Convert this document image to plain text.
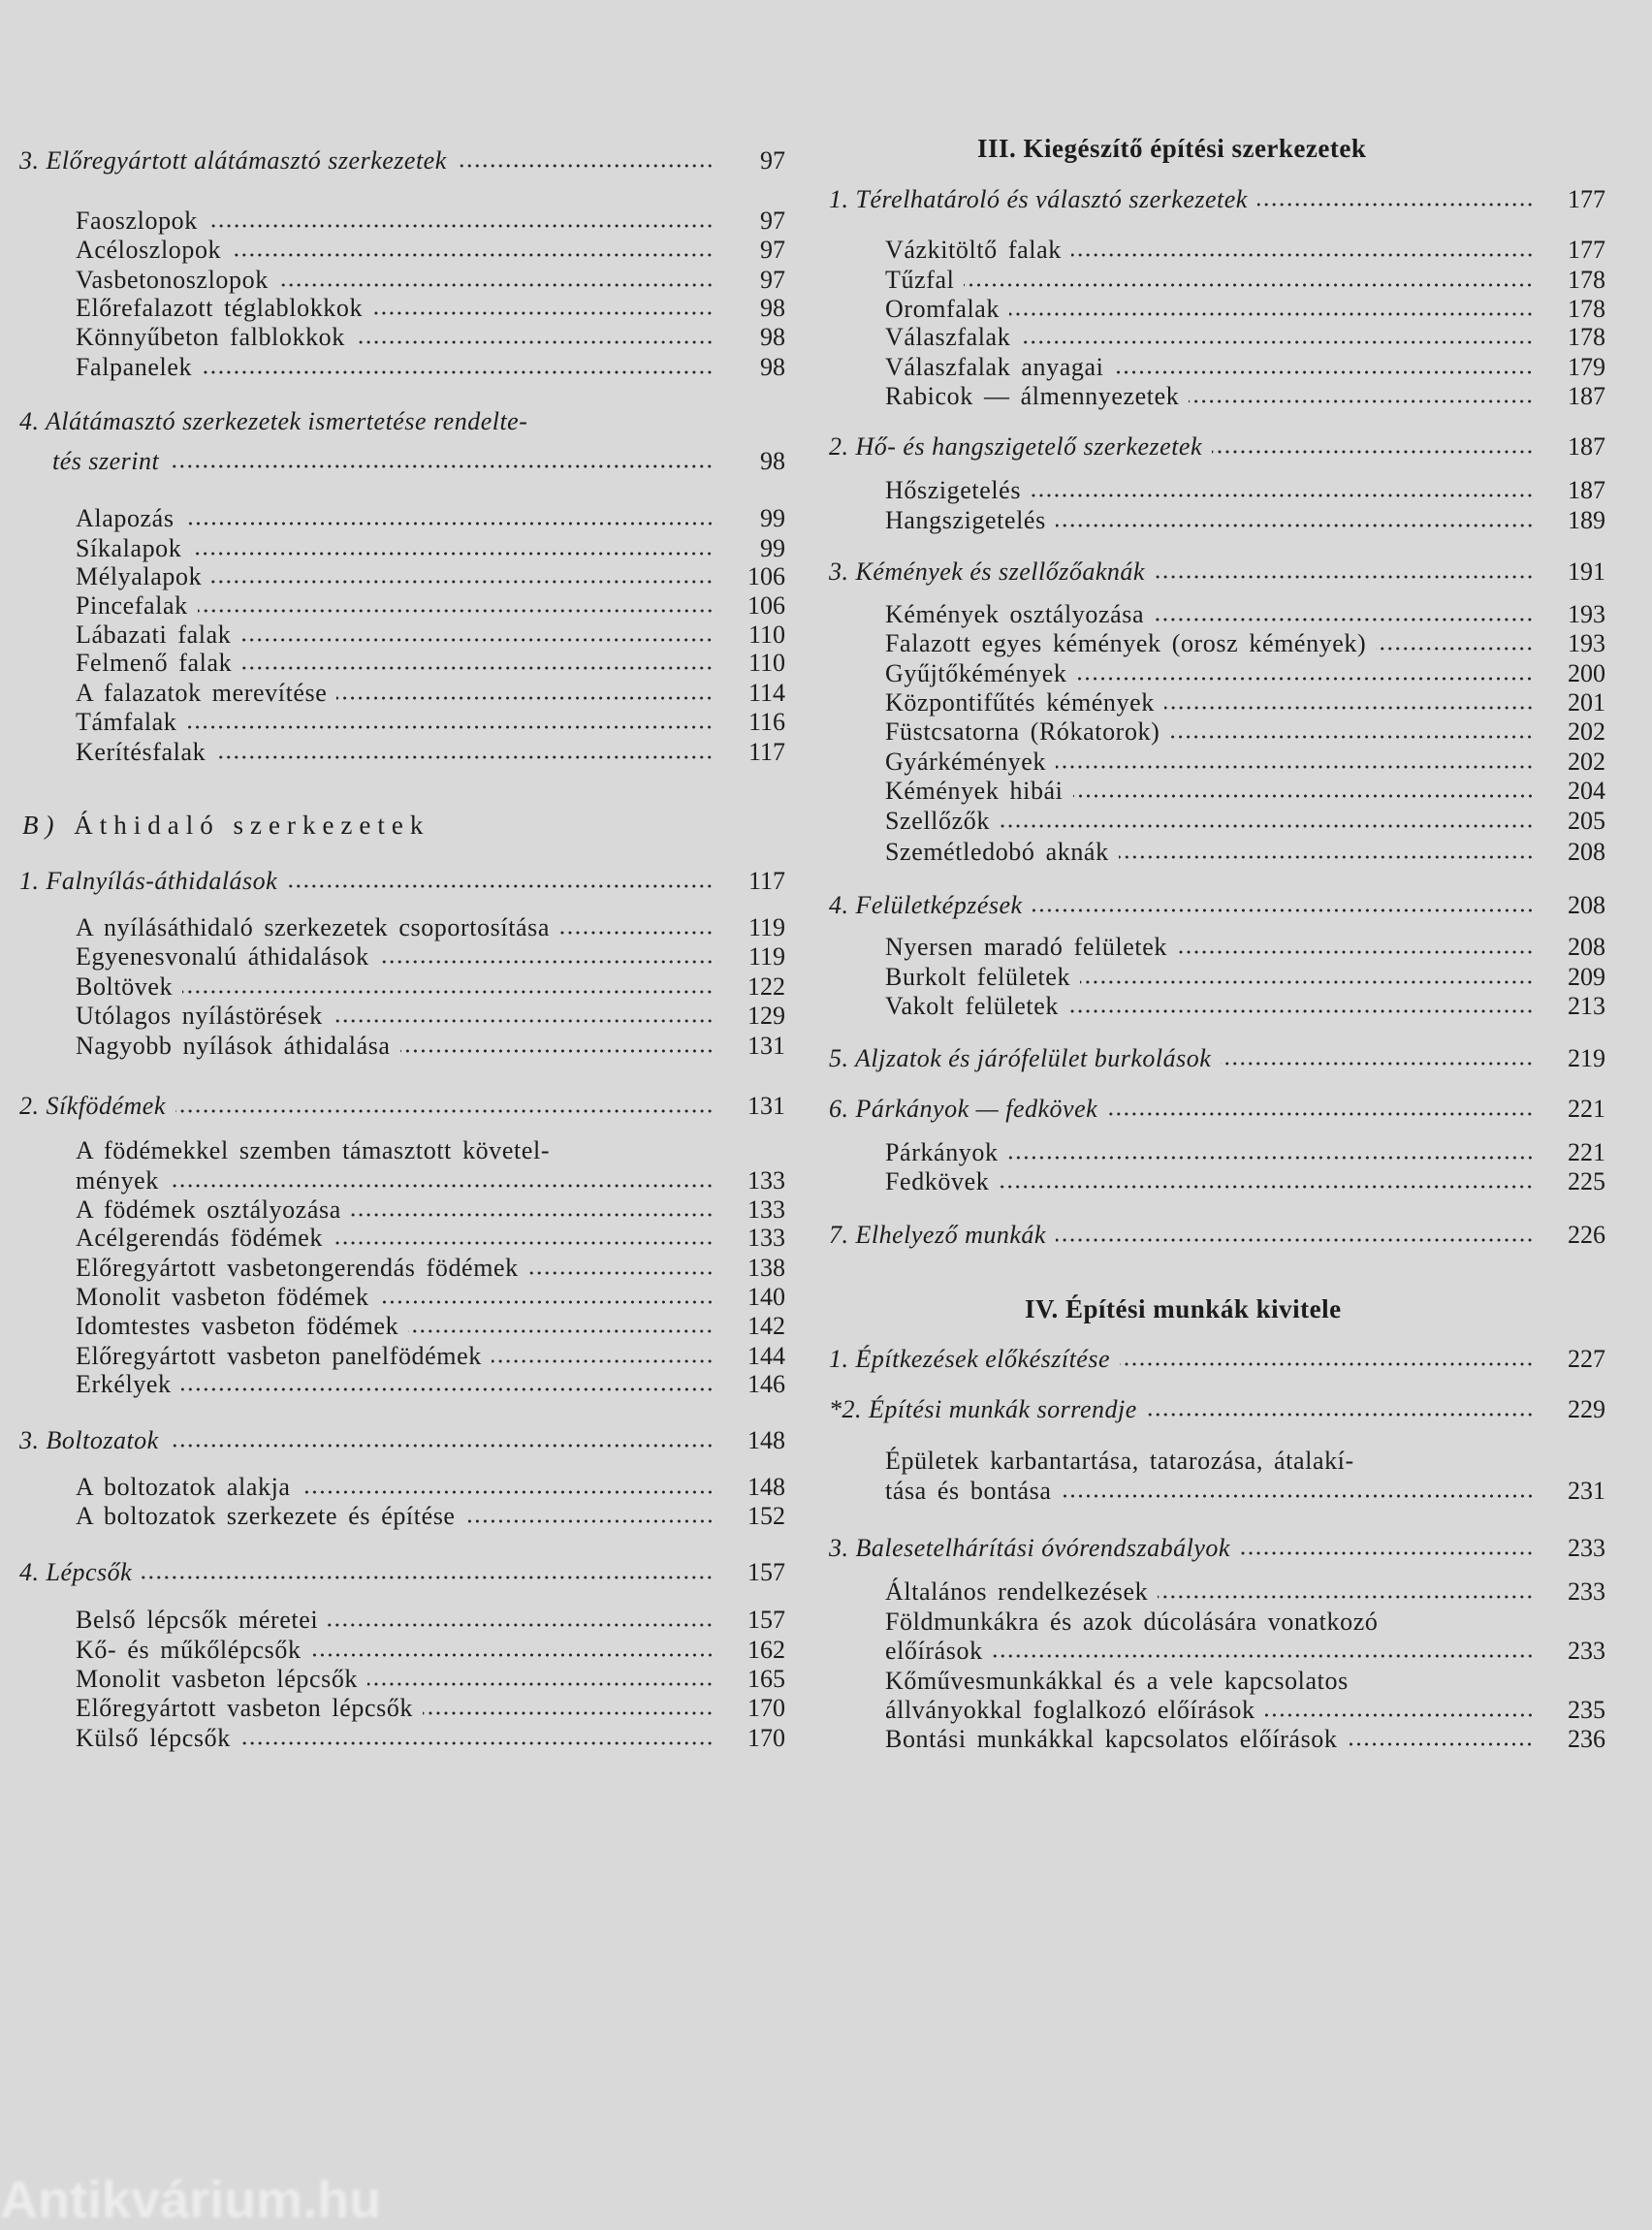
B) Áthidaló szerkezetek
3. Előregyártott alátámasztó szerkezetek	97
Faoszlopok	97
Acéloszlopok	97
Vasbetonoszlopok	97
Előrefalazott téglablokkok	98
Könnyűbeton falblokkok	98
Falpanelek	98
4. Alátámasztó szerkezetek ismertetése rendelte-
tés szerint	98
Alapozás	99
Síkalapok	99
Mélyalapok	106
Pincefalak	106
Lábazati falak	110
Felmenő falak	110
A falazatok merevítése	114
Támfalak	116
Kerítésfalak	117
1. Falnyílás-áthidalások	117
A nyílásáthidaló szerkezetek csoportosítása	119
Egyenesvonalú áthidalások	119
Boltövek	122
Utólagos nyílástörések	129
Nagyobb nyílások áthidalása	131
2. Síkfödémek	131
A födémekkel szemben támasztott követel-
mények	133
A födémek osztályozása	133
Acélgerendás födémek	133
Előregyártott vasbetongerendás födémek	138
Monolit vasbeton födémek	140
Idomtestes vasbeton födémek	142
Előregyártott vasbeton panelfödémek	144
Erkélyek	146
3. Boltozatok	148
A boltozatok alakja	148
A boltozatok szerkezete és építése	152
4. Lépcsők	157
Belső lépcsők méretei	157
Kő- és műkőlépcsők	162
Monolit vasbeton lépcsők	165
Előregyártott vasbeton lépcsők	170
Külső lépcsők	170
III. Kiegészítő építési szerkezetek
IV. Építési munkák kivitele
1. Térelhatároló és választó szerkezetek	177
Vázkitöltő falak	177
Tűzfal	178
Oromfalak	178
Válaszfalak	178
Válaszfalak anyagai	179
Rabicok — álmennyezetek	187
2. Hő- és hangszigetelő szerkezetek	187
Hőszigetelés	187
Hangszigetelés	189
3. Kémények és szellőzőaknák	191
Kémények osztályozása	193
Falazott egyes kémények (orosz kémények)	193
Gyűjtőkémények	200
Központifűtés kémények	201
Füstcsatorna (Rókatorok)	202
Gyárkémények	202
Kémények hibái	204
Szellőzők	205
Szemétledobó aknák	208
4. Felületképzések	208
Nyersen maradó felületek	208
Burkolt felületek	209
Vakolt felületek	213
5. Aljzatok és járófelület burkolások	219
6. Párkányok — fedkövek	221
Párkányok	221
Fedkövek	225
7. Elhelyező munkák	226
1. Építkezések előkészítése	227
*2. Építési munkák sorrendje	229
Épületek karbantartása, tatarozása, átalakí-
tása és bontása	231
3. Balesetelhárítási óvórendszabályok	233
Általános rendelkezések	233
Földmunkákra és azok dúcolására vonatkozó
előírások	233
Kőművesmunkákkal és a vele kapcsolatos
állványokkal foglalkozó előírások	235
Bontási munkákkal kapcsolatos előírások	236
Antikvárium.hu
